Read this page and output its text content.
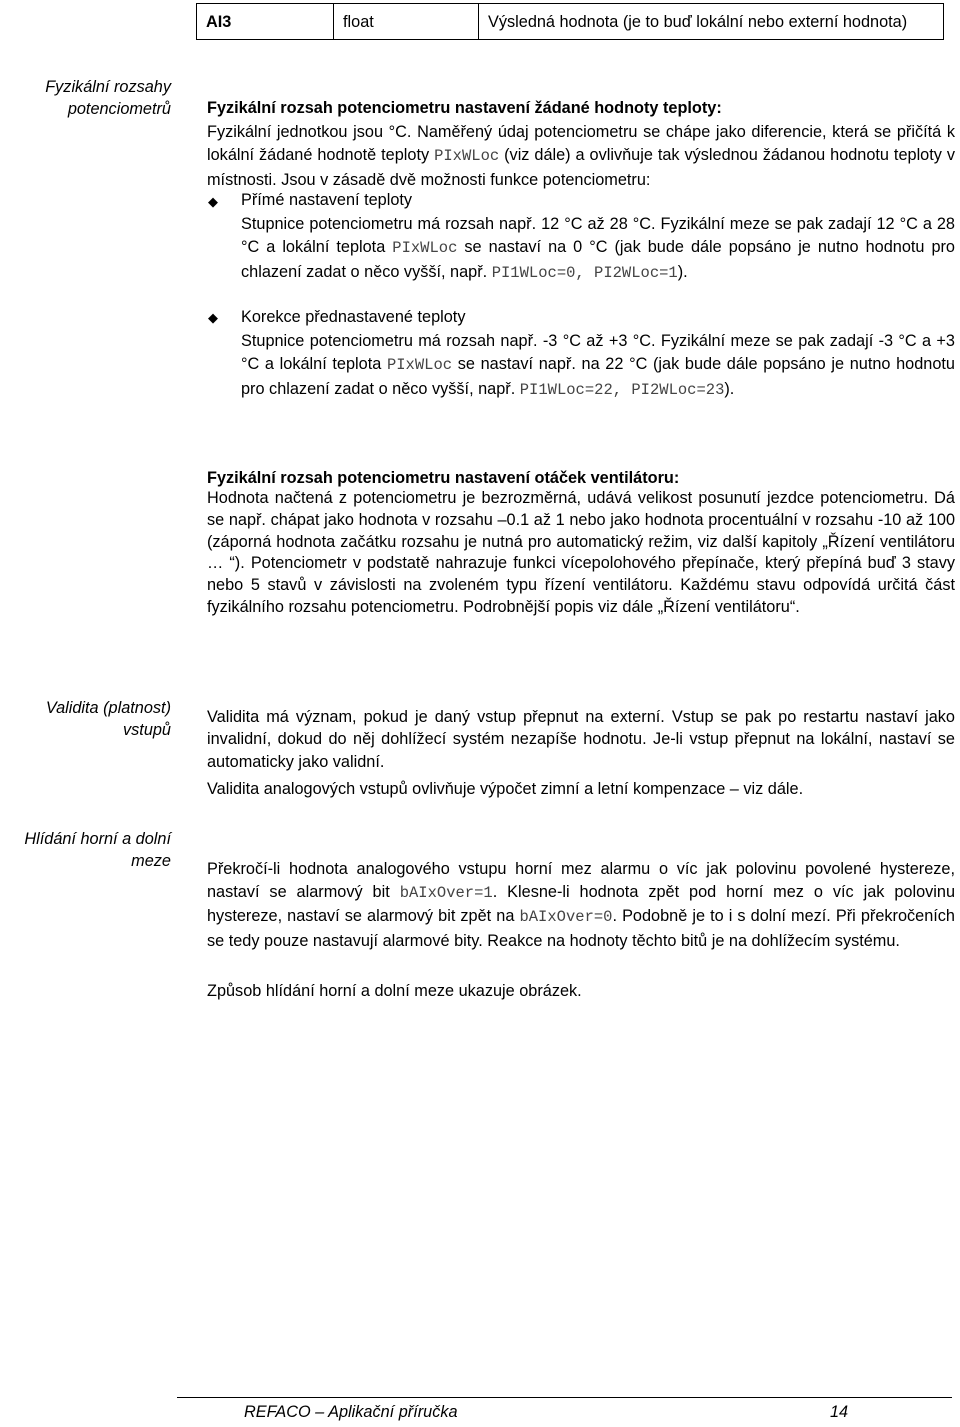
AI3	float	Výsledná hodnota (je to buď lokální nebo externí hodnota)
Fyzikální rozsahy
potenciometrů
Validita (platnost)
vstupů
Hlídání horní a dolní
meze
Fyzikální rozsah potenciometru nastavení žádané hodnoty teploty:
Fyzikální jednotkou jsou °C. Naměřený údaj potenciometru se chápe jako diferencie, která se přičítá k lokální žádané hodnotě teploty PIxWLoc (viz dále) a ovlivňuje tak výslednou žádanou hodnotu teploty v místnosti. Jsou v zásadě dvě možnosti funkce potenciometru:
◆ Přímé nastavení teploty
Stupnice potenciometru má rozsah např. 12 °C až 28 °C. Fyzikální meze se pak zadají 12 °C a 28 °C a lokální teplota PIxWLoc se nastaví na 0 °C (jak bude dále popsáno je nutno hodnotu pro chlazení zadat o něco vyšší, např. PI1WLoc=0, PI2WLoc=1).
◆ Korekce přednastavené teploty
Stupnice potenciometru má rozsah např. -3 °C až +3 °C. Fyzikální meze se pak zadají -3 °C a +3 °C a lokální teplota PIxWLoc se nastaví např. na 22 °C (jak bude dále popsáno je nutno hodnotu pro chlazení zadat o něco vyšší, např. PI1WLoc=22, PI2WLoc=23).
Fyzikální rozsah potenciometru nastavení otáček ventilátoru:
Hodnota načtená z potenciometru je bezrozměrná, udává velikost posunutí jezdce potenciometru. Dá se např. chápat jako hodnota v rozsahu –0.1 až 1 nebo jako hodnota procentuální v rozsahu -10 až 100 (záporná hodnota začátku rozsahu je nutná pro automatický režim, viz další kapitoly „Řízení ventilátoru … “). Potenciometr v podstatě nahrazuje funkci vícepolohového přepínače, který přepíná buď 3 stavy nebo 5 stavů v závislosti na zvoleném typu řízení ventilátoru. Každému stavu odpovídá určitá část fyzikálního rozsahu potenciometru. Podrobnější popis viz dále „Řízení ventilátoru“.
Validita má význam, pokud je daný vstup přepnut na externí. Vstup se pak po restartu nastaví jako invalidní, dokud do něj dohlížecí systém nezapíše hodnotu. Je-li vstup přepnut na lokální, nastaví se automaticky jako validní.
Validita analogových vstupů ovlivňuje výpočet zimní a letní kompenzace – viz dále.
Překročí-li hodnota analogového vstupu horní mez alarmu o víc jak polovinu povolené hystereze, nastaví se alarmový bit bAIxOver=1. Klesne-li hodnota zpět pod horní mez o víc jak polovinu hystereze, nastaví se alarmový bit zpět na bAIxOver=0. Podobně je to i s dolní mezí. Při překročeních se tedy pouze nastavují alarmové bity. Reakce na hodnoty těchto bitů je na dohlížecím systému.
Způsob hlídání horní a dolní meze ukazuje obrázek.
REFACO – Aplikační příručka	14
